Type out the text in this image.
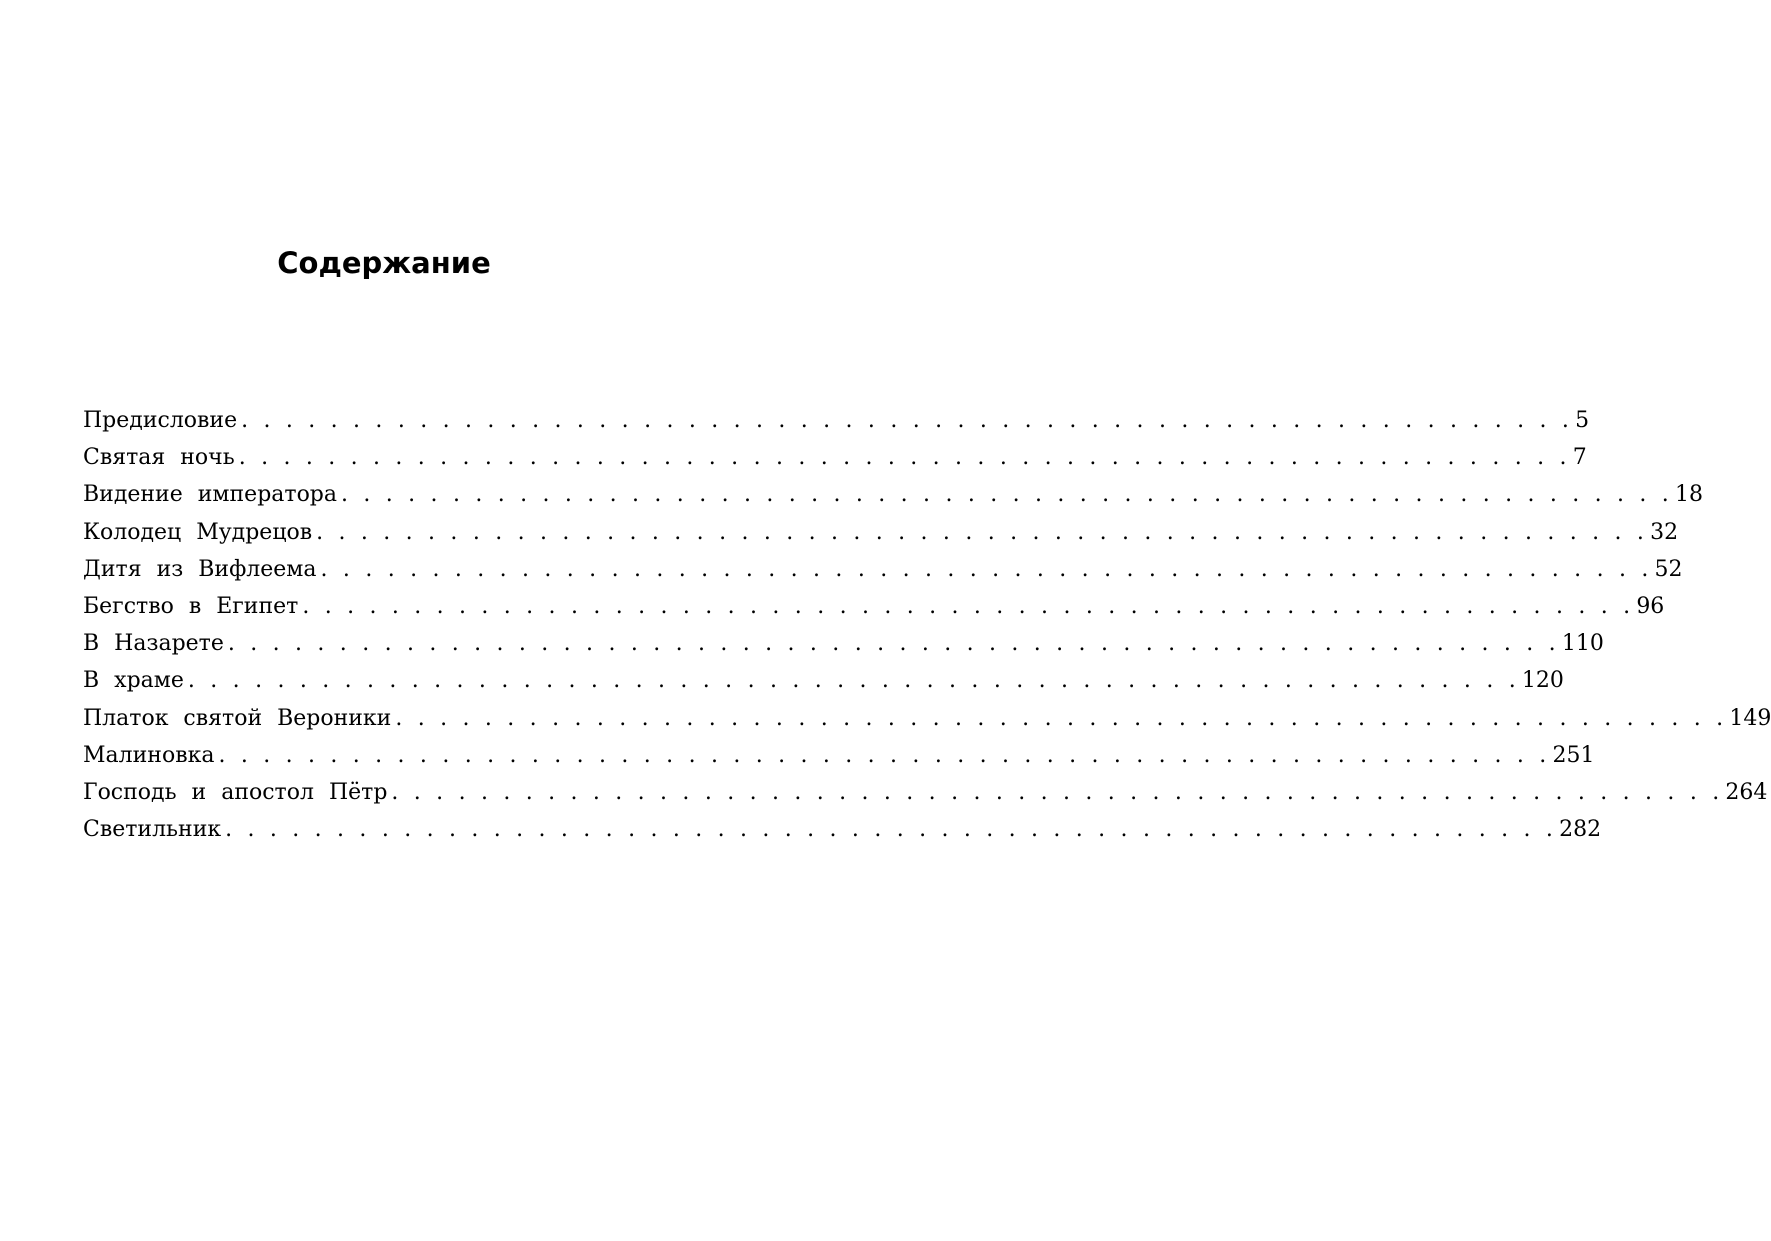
Содержание
Предисловие . . . . . . . . . . . . . . . . . . . . . . . . . . . . . . . . . . . . . . . . . . . . . . . . . . . . . . . . . . . . 5
Святая ночь . . . . . . . . . . . . . . . . . . . . . . . . . . . . . . . . . . . . . . . . . . . . . . . . . . . . . . . . . . . . 7
Видение императора . . . . . . . . . . . . . . . . . . . . . . . . . . . . . . . . . . . . . . . . . . . . . . . . . . . . . . . . . . . . 18
Колодец Мудрецов . . . . . . . . . . . . . . . . . . . . . . . . . . . . . . . . . . . . . . . . . . . . . . . . . . . . . . . . . . . . 32
Дитя из Вифлеема . . . . . . . . . . . . . . . . . . . . . . . . . . . . . . . . . . . . . . . . . . . . . . . . . . . . . . . . . . . . 52
Бегство в Египет . . . . . . . . . . . . . . . . . . . . . . . . . . . . . . . . . . . . . . . . . . . . . . . . . . . . . . . . . . . . 96
В Назарете . . . . . . . . . . . . . . . . . . . . . . . . . . . . . . . . . . . . . . . . . . . . . . . . . . . . . . . . . . . . 110
В храме . . . . . . . . . . . . . . . . . . . . . . . . . . . . . . . . . . . . . . . . . . . . . . . . . . . . . . . . . . . . 120
Платок святой Вероники . . . . . . . . . . . . . . . . . . . . . . . . . . . . . . . . . . . . . . . . . . . . . . . . . . . . . . . . . . . . 149
Малиновка . . . . . . . . . . . . . . . . . . . . . . . . . . . . . . . . . . . . . . . . . . . . . . . . . . . . . . . . . . . . 251
Господь и апостол Пётр . . . . . . . . . . . . . . . . . . . . . . . . . . . . . . . . . . . . . . . . . . . . . . . . . . . . . . . . . . . . 264
Светильник . . . . . . . . . . . . . . . . . . . . . . . . . . . . . . . . . . . . . . . . . . . . . . . . . . . . . . . . . . . . 282
